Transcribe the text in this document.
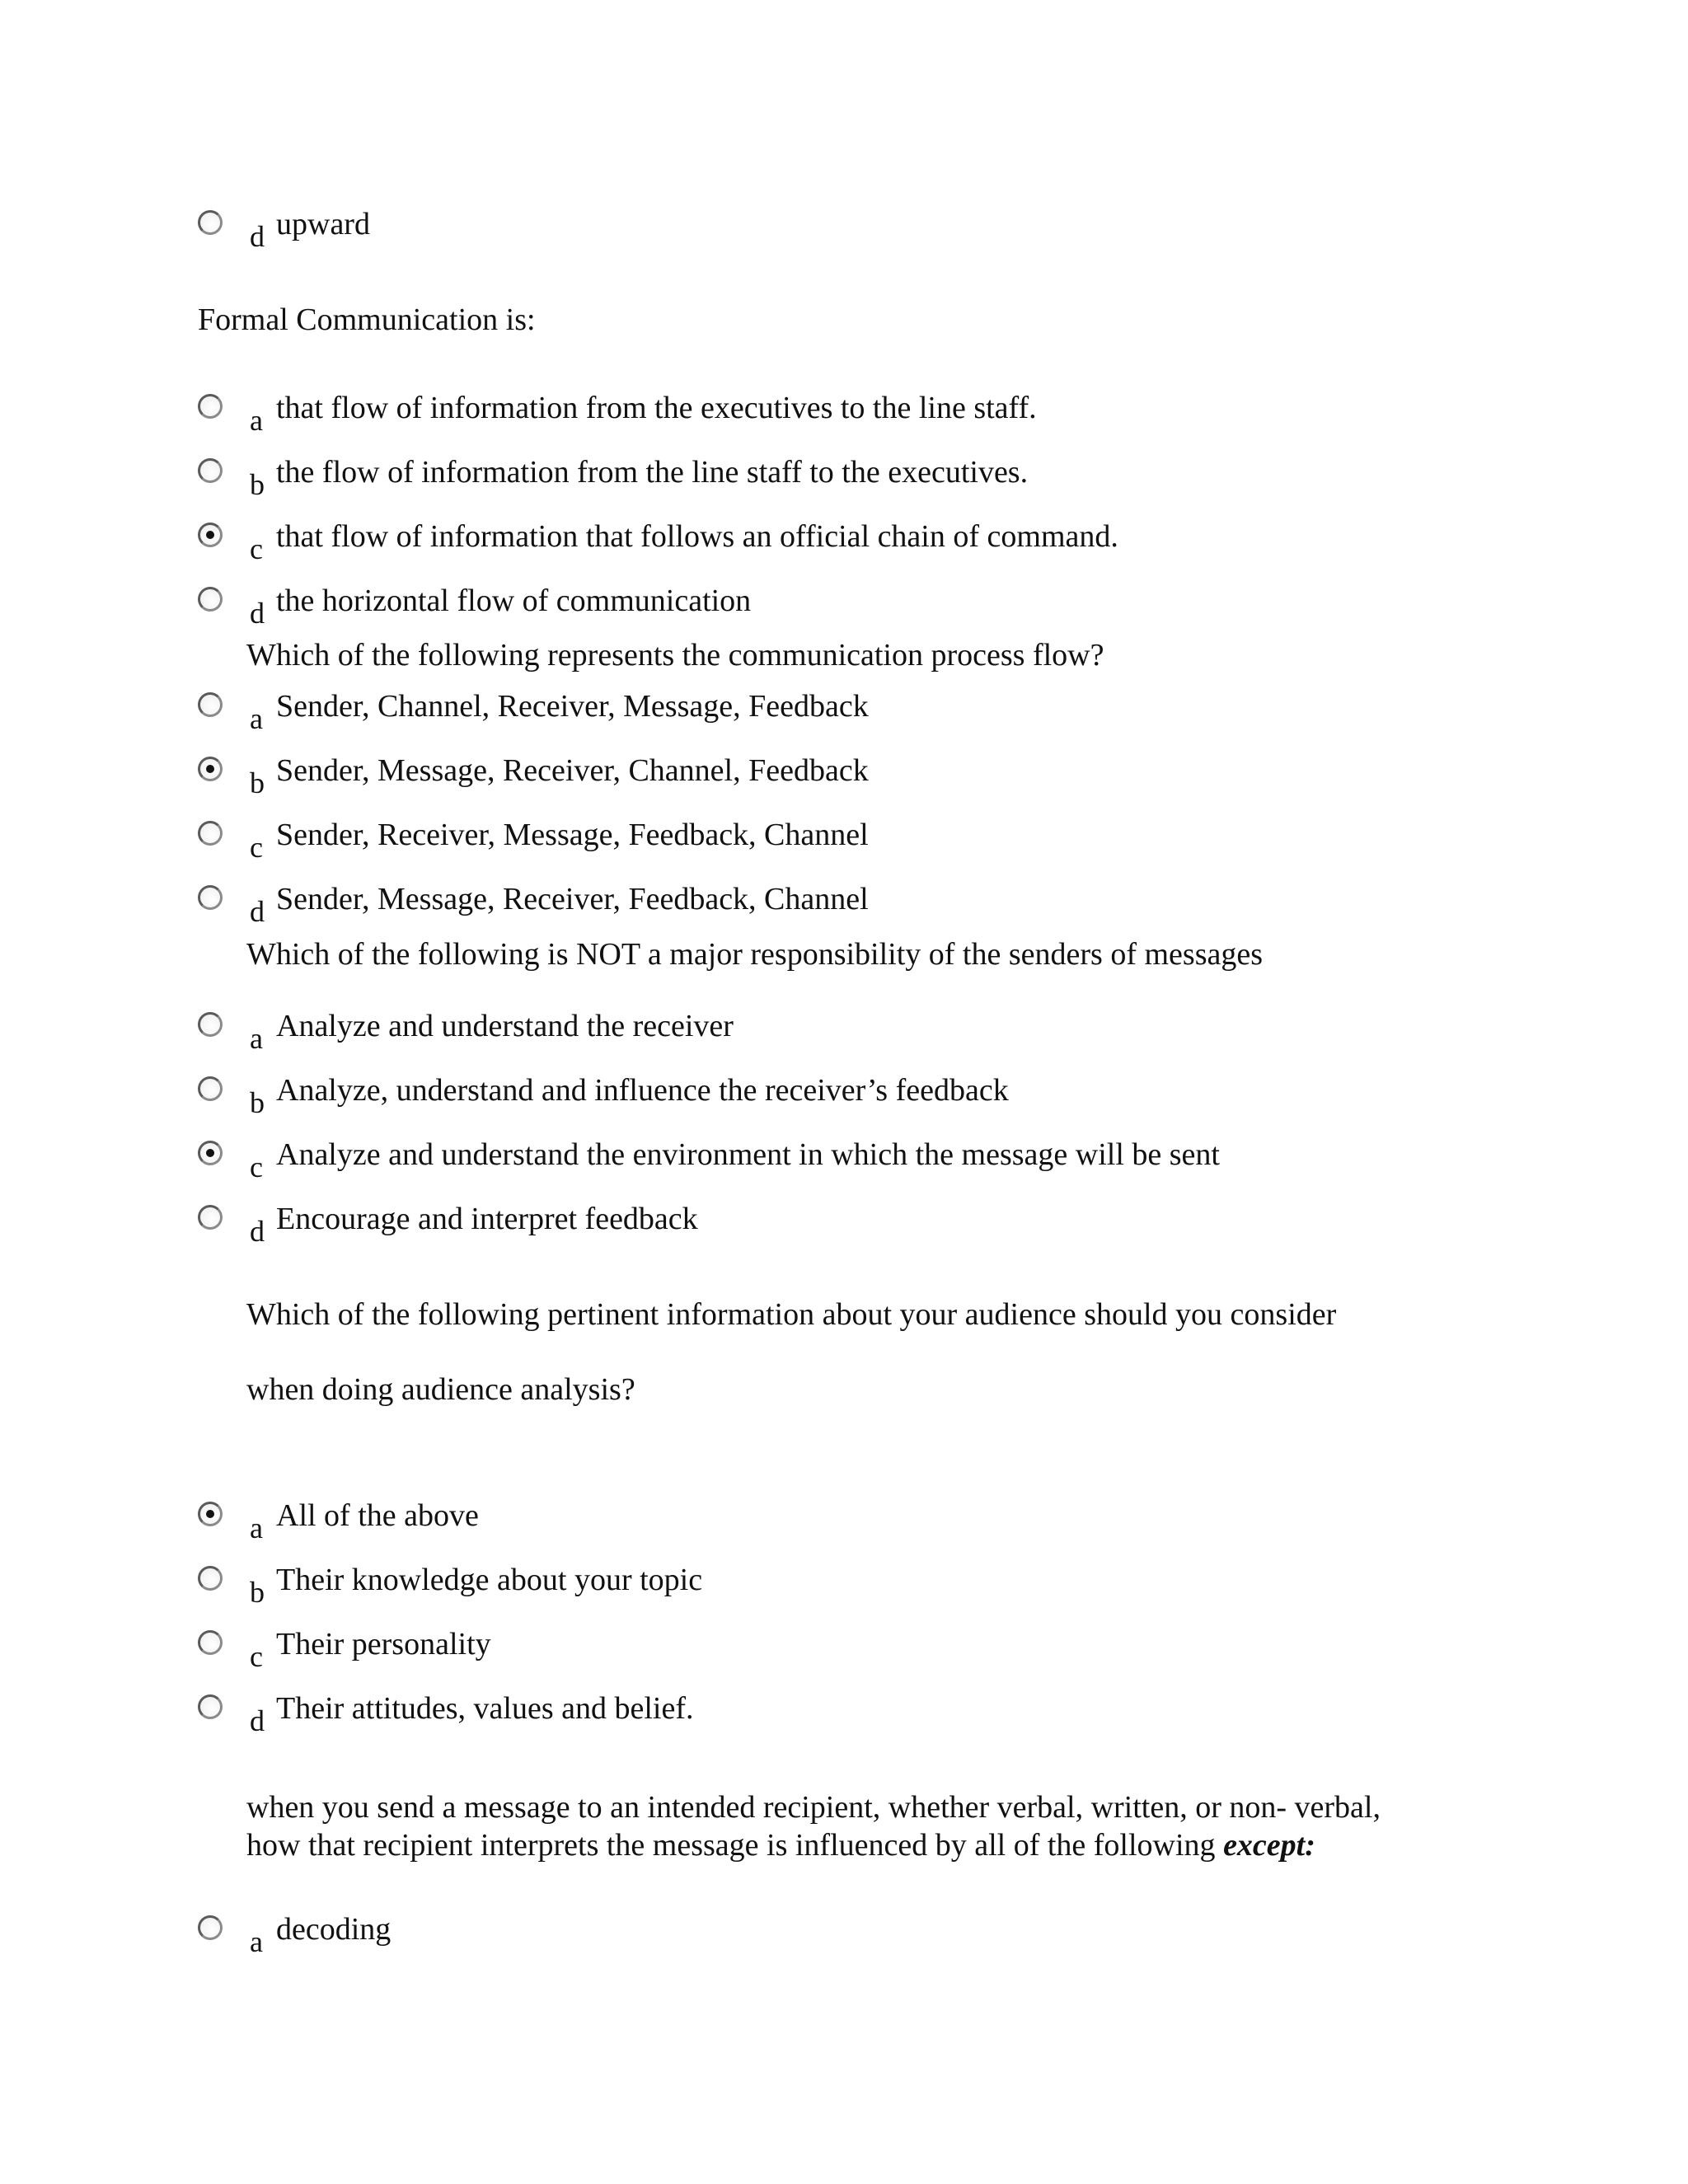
d upward
Formal Communication is:
a that flow of information from the executives to the line staff.
b the flow of information from the line staff to the executives.
c that flow of information that follows an official chain of command.
d the horizontal flow of communication
Which of the following represents the communication process flow?
a Sender, Channel, Receiver, Message, Feedback
b Sender, Message, Receiver, Channel, Feedback
c Sender, Receiver, Message, Feedback, Channel
d Sender, Message, Receiver, Feedback, Channel
Which of the following is NOT a major responsibility of the senders of messages
a Analyze and understand the receiver
b Analyze, understand and influence the receiver’s feedback
c Analyze and understand the environment in which the message will be sent
d Encourage and interpret feedback
Which of the following pertinent information about your audience should you consider
when doing audience analysis?
a All of the above
b Their knowledge about your topic
c Their personality
d Their attitudes, values and belief.
when you send a message to an intended recipient, whether verbal, written, or non- verbal,
how that recipient interprets the message is influenced by all of the following except:
a decoding
